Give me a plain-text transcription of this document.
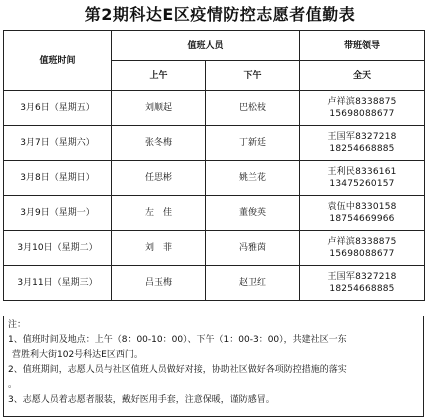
第2期科达E区疫情防控志愿者值勤表
值班时间	值班人员		带班领导
	上午	下午	全天
3月6日（星期五）	刘顺起	巴松枝	卢祥滨8338875
15698088677

3月7日（星期六）	张冬梅	丁新廷	王国军8327218
18254668885

3月8日（星期日）	任思彬	姚兰花	王利民8336161
13475260157

3月9日（星期一）	左　佳	董俊英	袁伍中8330158
18754669966

3月10日（星期二）	刘　菲	冯雅茵	卢祥滨8338875
15698088677

3月11日（星期三）	吕玉梅	赵卫红	王国军8327218
18254668885
注：
1、值班时间及地点：上午（8：00-10：00）、下午（1：00-3：00），共建社区一东
营胜利大街102号科达E区西门。
2、值班期间，志愿人员与社区值班人员做好对接，协助社区做好各项防控措施的落实
。
3、志愿人员着志愿者服装，戴好医用手套，注意保暖，谨防感冒。
